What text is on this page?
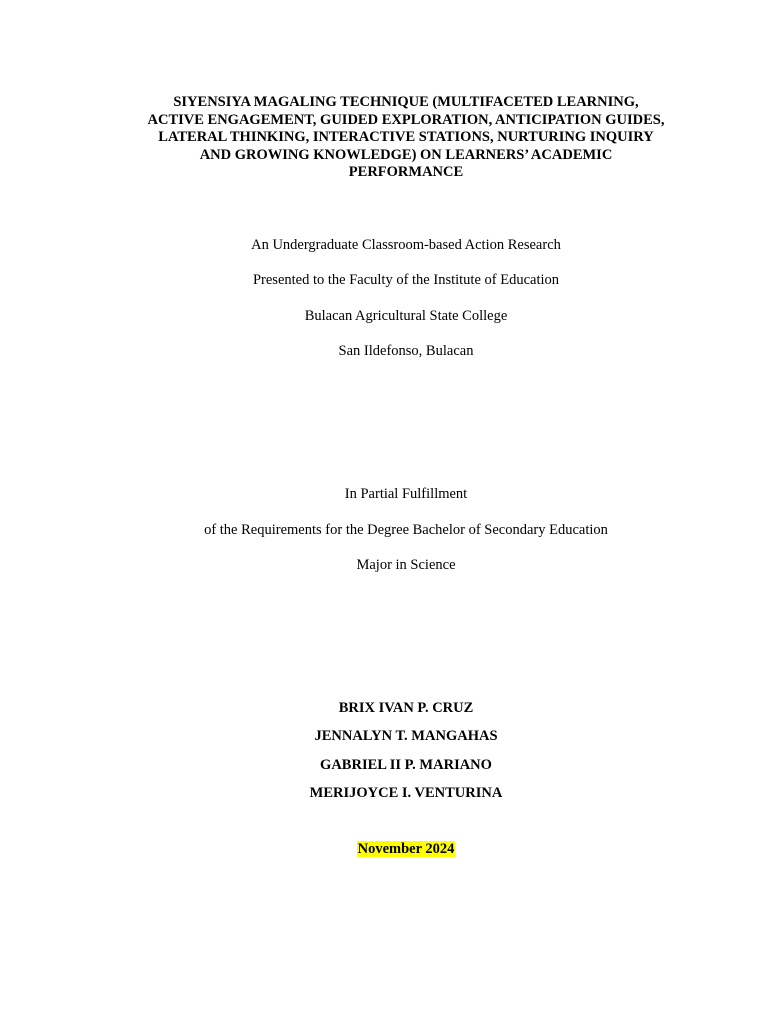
SIYENSIYA MAGALING TECHNIQUE (MULTIFACETED LEARNING,
ACTIVE ENGAGEMENT, GUIDED EXPLORATION, ANTICIPATION GUIDES,
LATERAL THINKING, INTERACTIVE STATIONS, NURTURING INQUIRY
AND GROWING KNOWLEDGE) ON LEARNERS’ ACADEMIC
PERFORMANCE
An Undergraduate Classroom-based Action Research
Presented to the Faculty of the Institute of Education
Bulacan Agricultural State College
San Ildefonso, Bulacan
In Partial Fulfillment
of the Requirements for the Degree Bachelor of Secondary Education
Major in Science
BRIX IVAN P. CRUZ
JENNALYN T. MANGAHAS
GABRIEL II P. MARIANO
MERIJOYCE I. VENTURINA
November 2024
